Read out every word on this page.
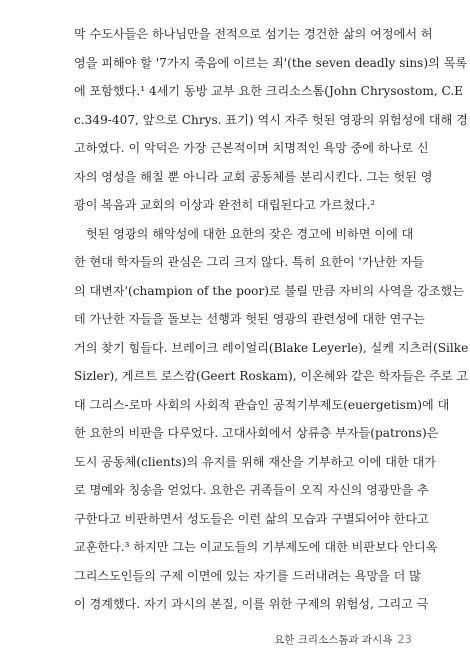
막 수도사들은 하나님만을 전적으로 섬기는 경건한 삶의 여정에서 허
영을 피해야 할 '7가지 죽음에 이르는 죄'(the seven deadly sins)의 목록
에 포함했다.¹ 4세기 동방 교부 요한 크리소스톰(John Chrysostom, C.E
c.349-407, 앞으로 Chrys. 표기) 역시 자주 헛된 영광의 위험성에 대해 경
고하였다. 이 악덕은 가장 근본적이며 치명적인 욕망 중에 하나로 신
자의 영성을 해칠 뿐 아니라 교회 공동체를 분리시킨다. 그는 헛된 영
광이 복음과 교회의 이상과 완전히 대립된다고 가르쳤다.²
헛된 영광의 해악성에 대한 요한의 잦은 경고에 비하면 이에 대
한 현대 학자들의 관심은 그리 크지 않다. 특히 요한이 '가난한 자들
의 대변자'(champion of the poor)로 불릴 만큼 자비의 사역을 강조했는
데 가난한 자들을 돌보는 선행과 헛된 영광의 관련성에 대한 연구는
거의 찾기 힘들다. 브레이크 레이얼리(Blake Leyerle), 실케 지츠러(Silke
Sizler), 게르트 로스캄(Geert Roskam), 이온혜와 같은 학자들은 주로 고
대 그리스-로마 사회의 사회적 관습인 공적기부제도(euergetism)에 대
한 요한의 비판을 다루었다. 고대사회에서 상류층 부자들(patrons)은
도시 공동체(clients)의 유지를 위해 재산을 기부하고 이에 대한 대가
로 명예와 칭송을 얻었다. 요한은 귀족들이 오직 자신의 영광만을 추
구한다고 비판하면서 성도들은 이런 삶의 모습과 구별되어야 한다고
교훈한다.³ 하지만 그는 이교도들의 기부제도에 대한 비판보다 안디옥
그리스도인들의 구제 이면에 있는 자기를 드러내려는 욕망을 더 많
이 경계했다. 자기 과시의 본질, 이를 위한 구제의 위험성, 그리고 극
요한 크리소스톰과 과시욕 23
